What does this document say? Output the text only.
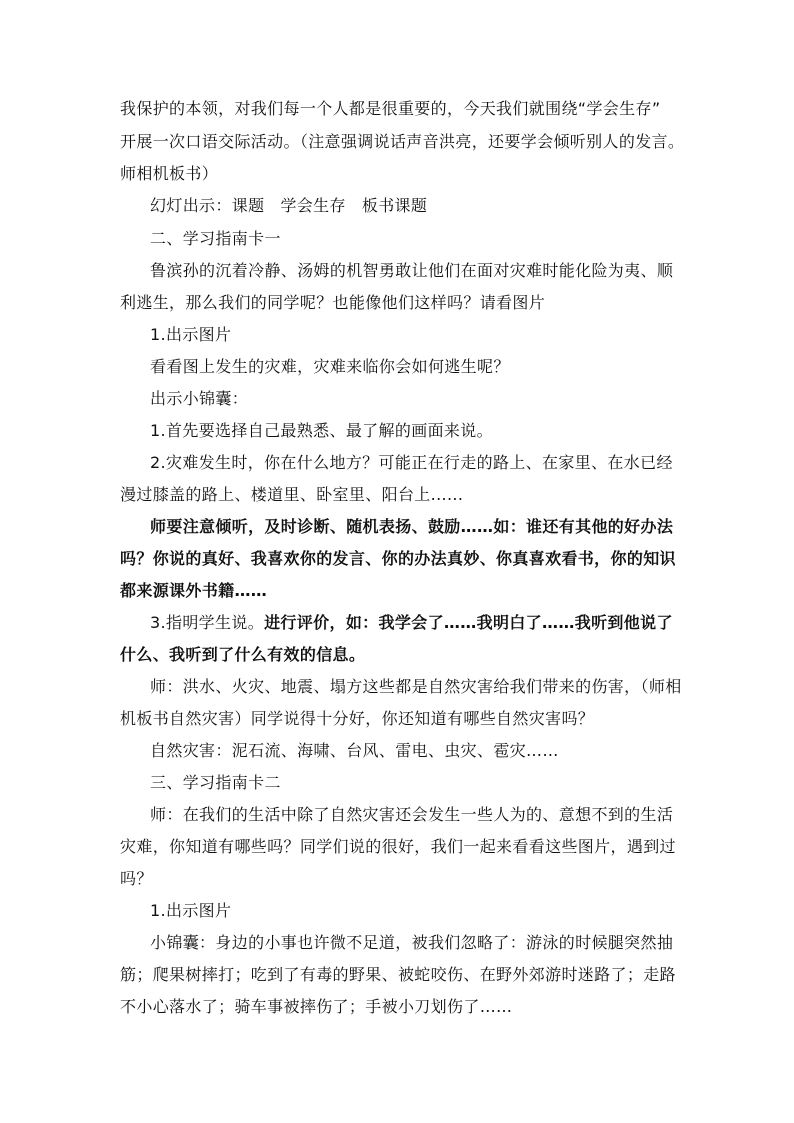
我保护的本领，对我们每一个人都是很重要的，今天我们就围绕“学会生存”
开展一次口语交际活动。（注意强调说话声音洪亮，还要学会倾听别人的发言。
师相机板书）
幻灯出示：课题 学会生存 板书课题
二、学习指南卡一
鲁滨孙的沉着冷静、汤姆的机智勇敢让他们在面对灾难时能化险为夷、顺
利逃生，那么我们的同学呢？也能像他们这样吗？请看图片
1.出示图片
看看图上发生的灾难，灾难来临你会如何逃生呢？
出示小锦囊：
1.首先要选择自己最熟悉、最了解的画面来说。
2.灾难发生时，你在什么地方？可能正在行走的路上、在家里、在水已经
漫过膝盖的路上、楼道里、卧室里、阳台上......
师要注意倾听，及时诊断、随机表扬、鼓励……如：谁还有其他的好办法
吗？你说的真好、我喜欢你的发言、你的办法真妙、你真喜欢看书，你的知识
都来源课外书籍……
3.指明学生说。进行评价，如：我学会了……我明白了……我听到他说了
什么、我听到了什么有效的信息。
师：洪水、火灾、地震、塌方这些都是自然灾害给我们带来的伤害，（师相
机板书自然灾害）同学说得十分好，你还知道有哪些自然灾害吗？
自然灾害：泥石流、海啸、台风、雷电、虫灾、雹灾……
三、学习指南卡二
师：在我们的生活中除了自然灾害还会发生一些人为的、意想不到的生活
灾难，你知道有哪些吗？同学们说的很好，我们一起来看看这些图片，遇到过
吗？
1.出示图片
小锦囊：身边的小事也许微不足道，被我们忽略了：游泳的时候腿突然抽
筋；爬果树摔打；吃到了有毒的野果、被蛇咬伤、在野外郊游时迷路了；走路
不小心落水了；骑车事被摔伤了；手被小刀划伤了……
